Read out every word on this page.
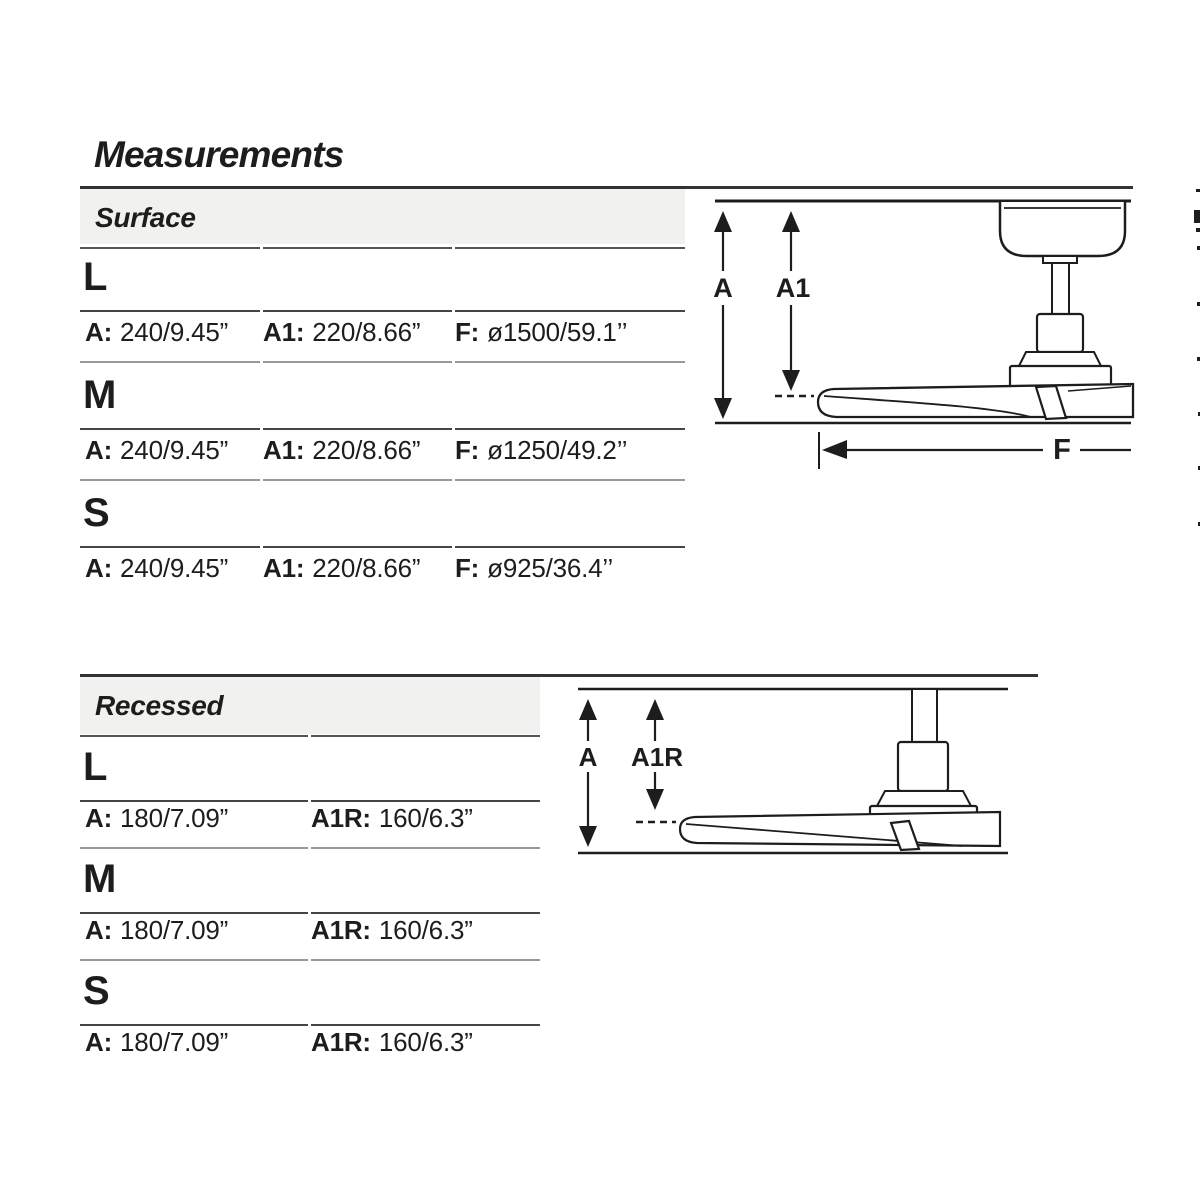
Measurements
Surface
L
A: 240/9.45”	A1: 220/8.66”	F: ø1500/59.1’’
M
A: 240/9.45”	A1: 220/8.66”	F: ø1250/49.2’’
S
A: 240/9.45”	A1: 220/8.66”	F: ø925/36.4’’
Recessed
L
A: 180/7.09”	A1R: 160/6.3”
M
A: 180/7.09”	A1R: 160/6.3”
S
A: 180/7.09”	A1R: 160/6.3”
A A1
F
A A1R
